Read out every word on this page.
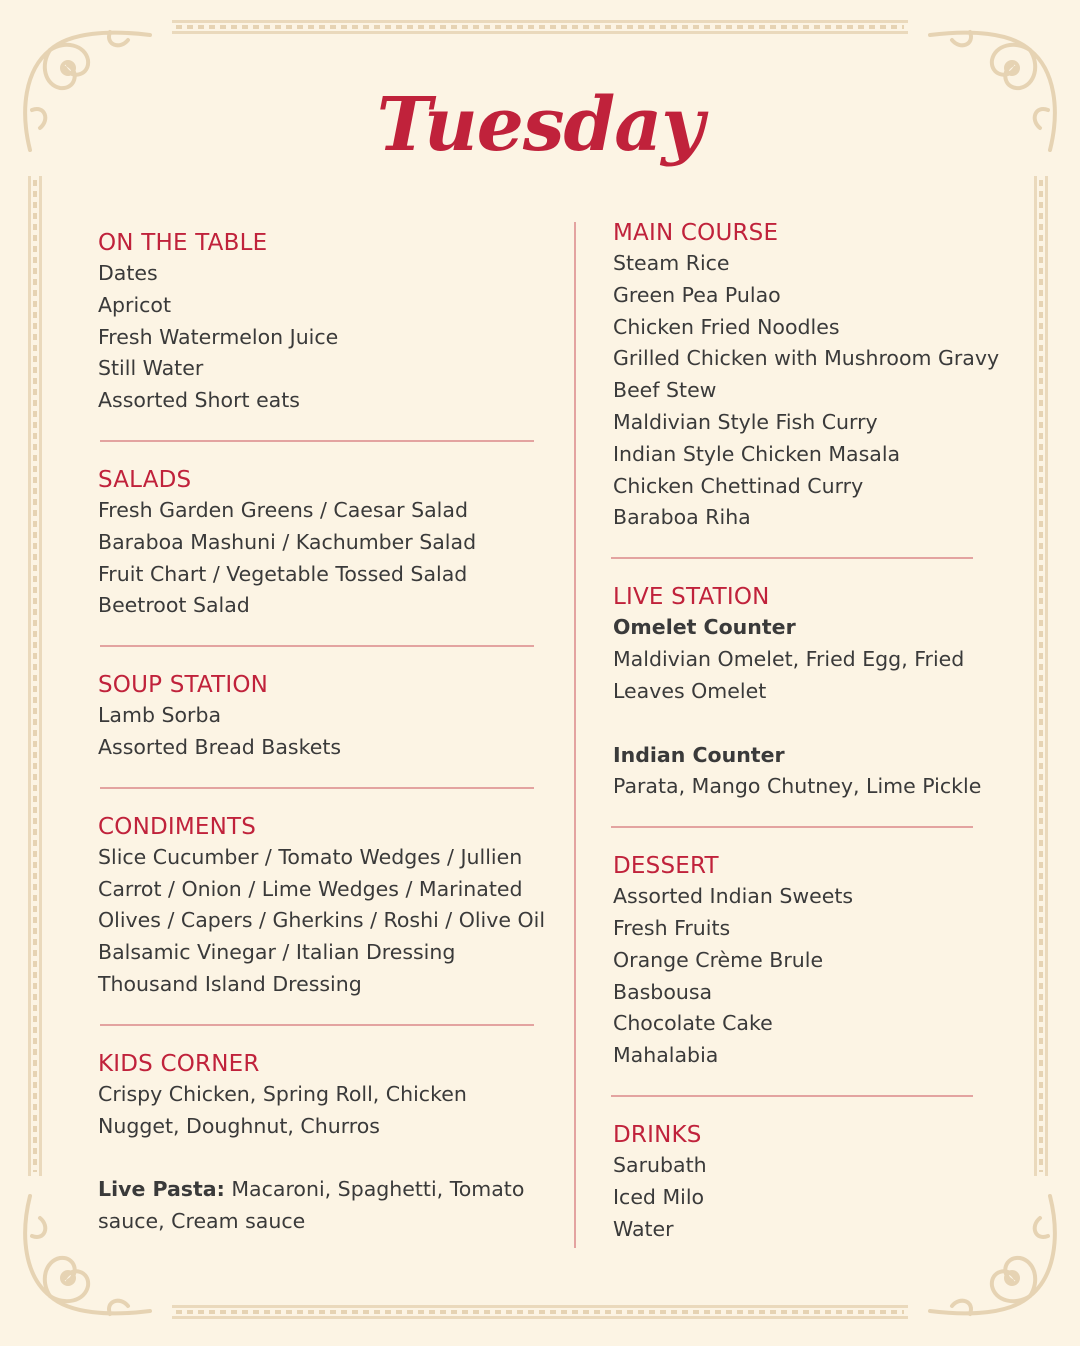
Tuesday
ON THE TABLE
Dates
Apricot
Fresh Watermelon Juice
Still Water
Assorted Short eats
SALADS
Fresh Garden Greens / Caesar Salad
Baraboa Mashuni / Kachumber Salad
Fruit Chart / Vegetable Tossed Salad
Beetroot Salad
SOUP STATION
Lamb Sorba
Assorted Bread Baskets
CONDIMENTS
Slice Cucumber / Tomato Wedges / Jullien
Carrot / Onion / Lime Wedges / Marinated
Olives / Capers / Gherkins / Roshi / Olive Oil
Balsamic Vinegar / Italian Dressing
Thousand Island Dressing
KIDS CORNER
Crispy Chicken, Spring Roll, Chicken
Nugget, Doughnut, Churros
Live Pasta: Macaroni, Spaghetti, Tomato
sauce, Cream sauce
MAIN COURSE
Steam Rice
Green Pea Pulao
Chicken Fried Noodles
Grilled Chicken with Mushroom Gravy
Beef Stew
Maldivian Style Fish Curry
Indian Style Chicken Masala
Chicken Chettinad Curry
Baraboa Riha
LIVE STATION
Omelet Counter
Maldivian Omelet, Fried Egg, Fried
Leaves Omelet
Indian Counter
Parata, Mango Chutney, Lime Pickle
DESSERT
Assorted Indian Sweets
Fresh Fruits
Orange Crème Brule
Basbousa
Chocolate Cake
Mahalabia
DRINKS
Sarubath
Iced Milo
Water
